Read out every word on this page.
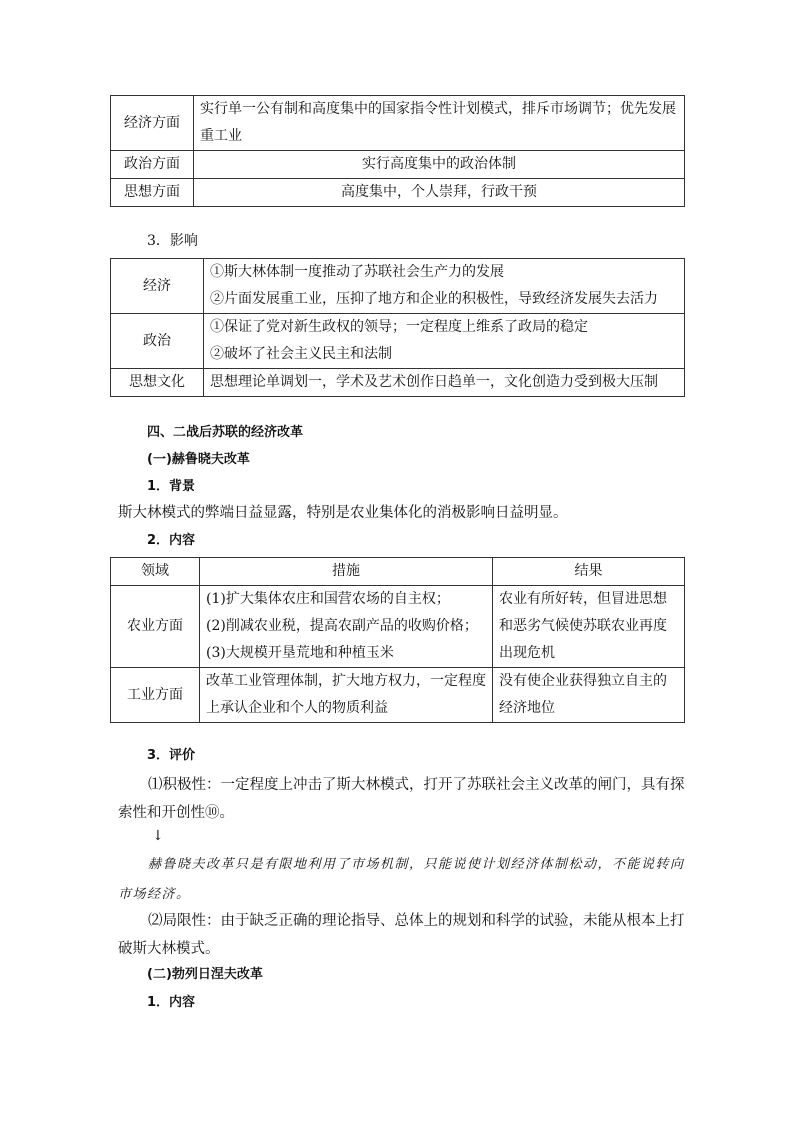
经济方面	实行单一公有制和高度集中的国家指令性计划模式，排斥市场调节；优先发展重工业
政治方面	实行高度集中的政治体制
思想方面	高度集中，个人崇拜，行政干预
3．影响
经济	①斯大林体制一度推动了苏联社会生产力的发展
②片面发展重工业，压抑了地方和企业的积极性，导致经济发展失去活力

政治	①保证了党对新生政权的领导；一定程度上维系了政局的稳定
②破坏了社会主义民主和法制

思想文化	思想理论单调划一，学术及艺术创作日趋单一，文化创造力受到极大压制
四、二战后苏联的经济改革
(一)赫鲁晓夫改革
1．背景
斯大林模式的弊端日益显露，特别是农业集体化的消极影响日益明显。
2．内容
领域	措施	结果
农业方面	(1)扩大集体农庄和国营农场的自主权；
(2)削减农业税，提高农副产品的收购价格；
(3)大规模开垦荒地和种植玉米	农业有所好转，但冒进思想和恶劣气候使苏联农业再度出现危机
工业方面	改革工业管理体制，扩大地方权力，一定程度上承认企业和个人的物质利益	没有使企业获得独立自主的经济地位
3．评价
⑴积极性：一定程度上冲击了斯大林模式，打开了苏联社会主义改革的闸门，具有探索性和开创性⑩。
↓
赫鲁晓夫改革只是有限地利用了市场机制，只能说使计划经济体制松动，不能说转向市场经济。
⑵局限性：由于缺乏正确的理论指导、总体上的规划和科学的试验，未能从根本上打破斯大林模式。
(二)勃列日涅夫改革
1．内容
